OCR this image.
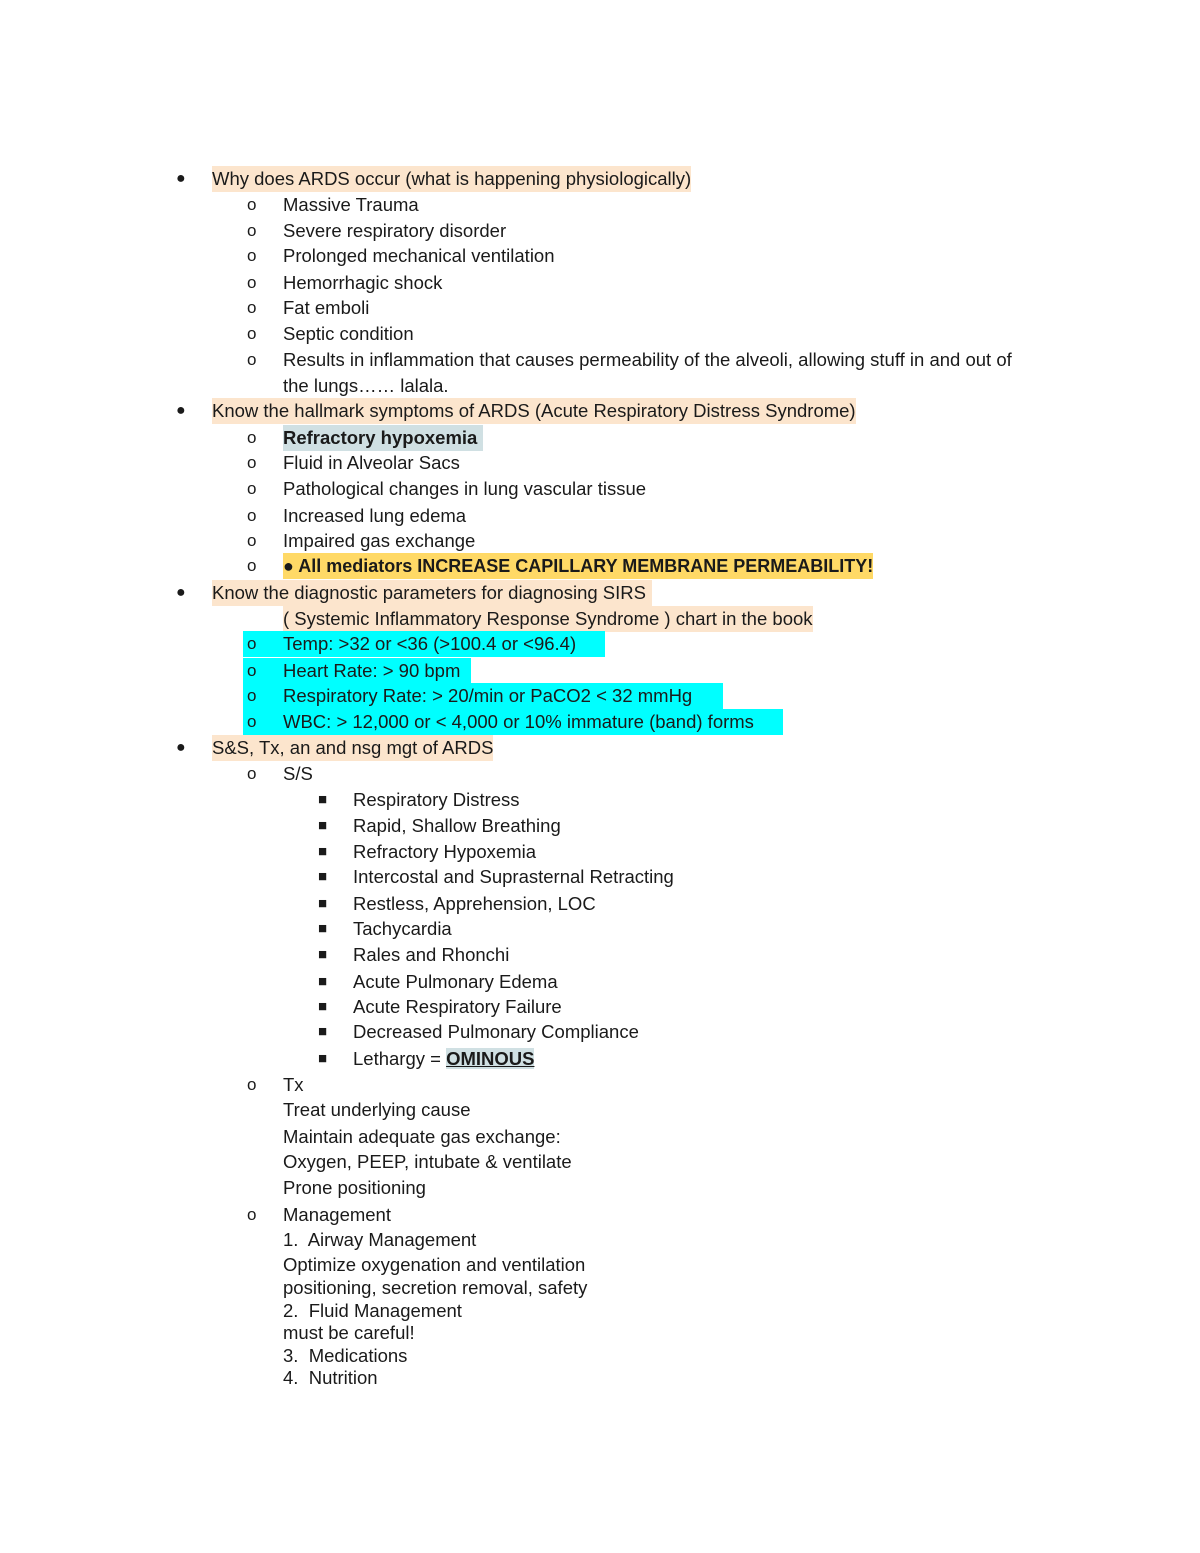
● Why does ARDS occur (what is happening physiologically)
o Massive Trauma
o Severe respiratory disorder
o Prolonged mechanical ventilation
o Hemorrhagic shock
o Fat emboli
o Septic condition
o Results in inflammation that causes permeability of the alveoli, allowing stuff in and out of
the lungs…… lalala.
● Know the hallmark symptoms of ARDS (Acute Respiratory Distress Syndrome)
o Refractory hypoxemia
o Fluid in Alveolar Sacs
o Pathological changes in lung vascular tissue
o Increased lung edema
o Impaired gas exchange
o ● All mediators INCREASE CAPILLARY MEMBRANE PERMEABILITY!
● Know the diagnostic parameters for diagnosing SIRS
( Systemic Inflammatory Response Syndrome ) chart in the book
o Temp: >32 or <36 (>100.4 or <96.4)
o Heart Rate: > 90 bpm
o Respiratory Rate: > 20/min or PaCO2 < 32 mmHg
o WBC: > 12,000 or < 4,000 or 10% immature (band) forms
● S&S, Tx, an and nsg mgt of ARDS
o S/S
■ Respiratory Distress
■ Rapid, Shallow Breathing
■ Refractory Hypoxemia
■ Intercostal and Suprasternal Retracting
■ Restless, Apprehension, LOC
■ Tachycardia
■ Rales and Rhonchi
■ Acute Pulmonary Edema
■ Acute Respiratory Failure
■ Decreased Pulmonary Compliance
■ Lethargy = OMINOUS
o Tx
Treat underlying cause
Maintain adequate gas exchange:
Oxygen, PEEP, intubate & ventilate
Prone positioning
o Management
1.  Airway Management
Optimize oxygenation and ventilation
positioning, secretion removal, safety
2.  Fluid Management
must be careful!
3.  Medications
4.  Nutrition
